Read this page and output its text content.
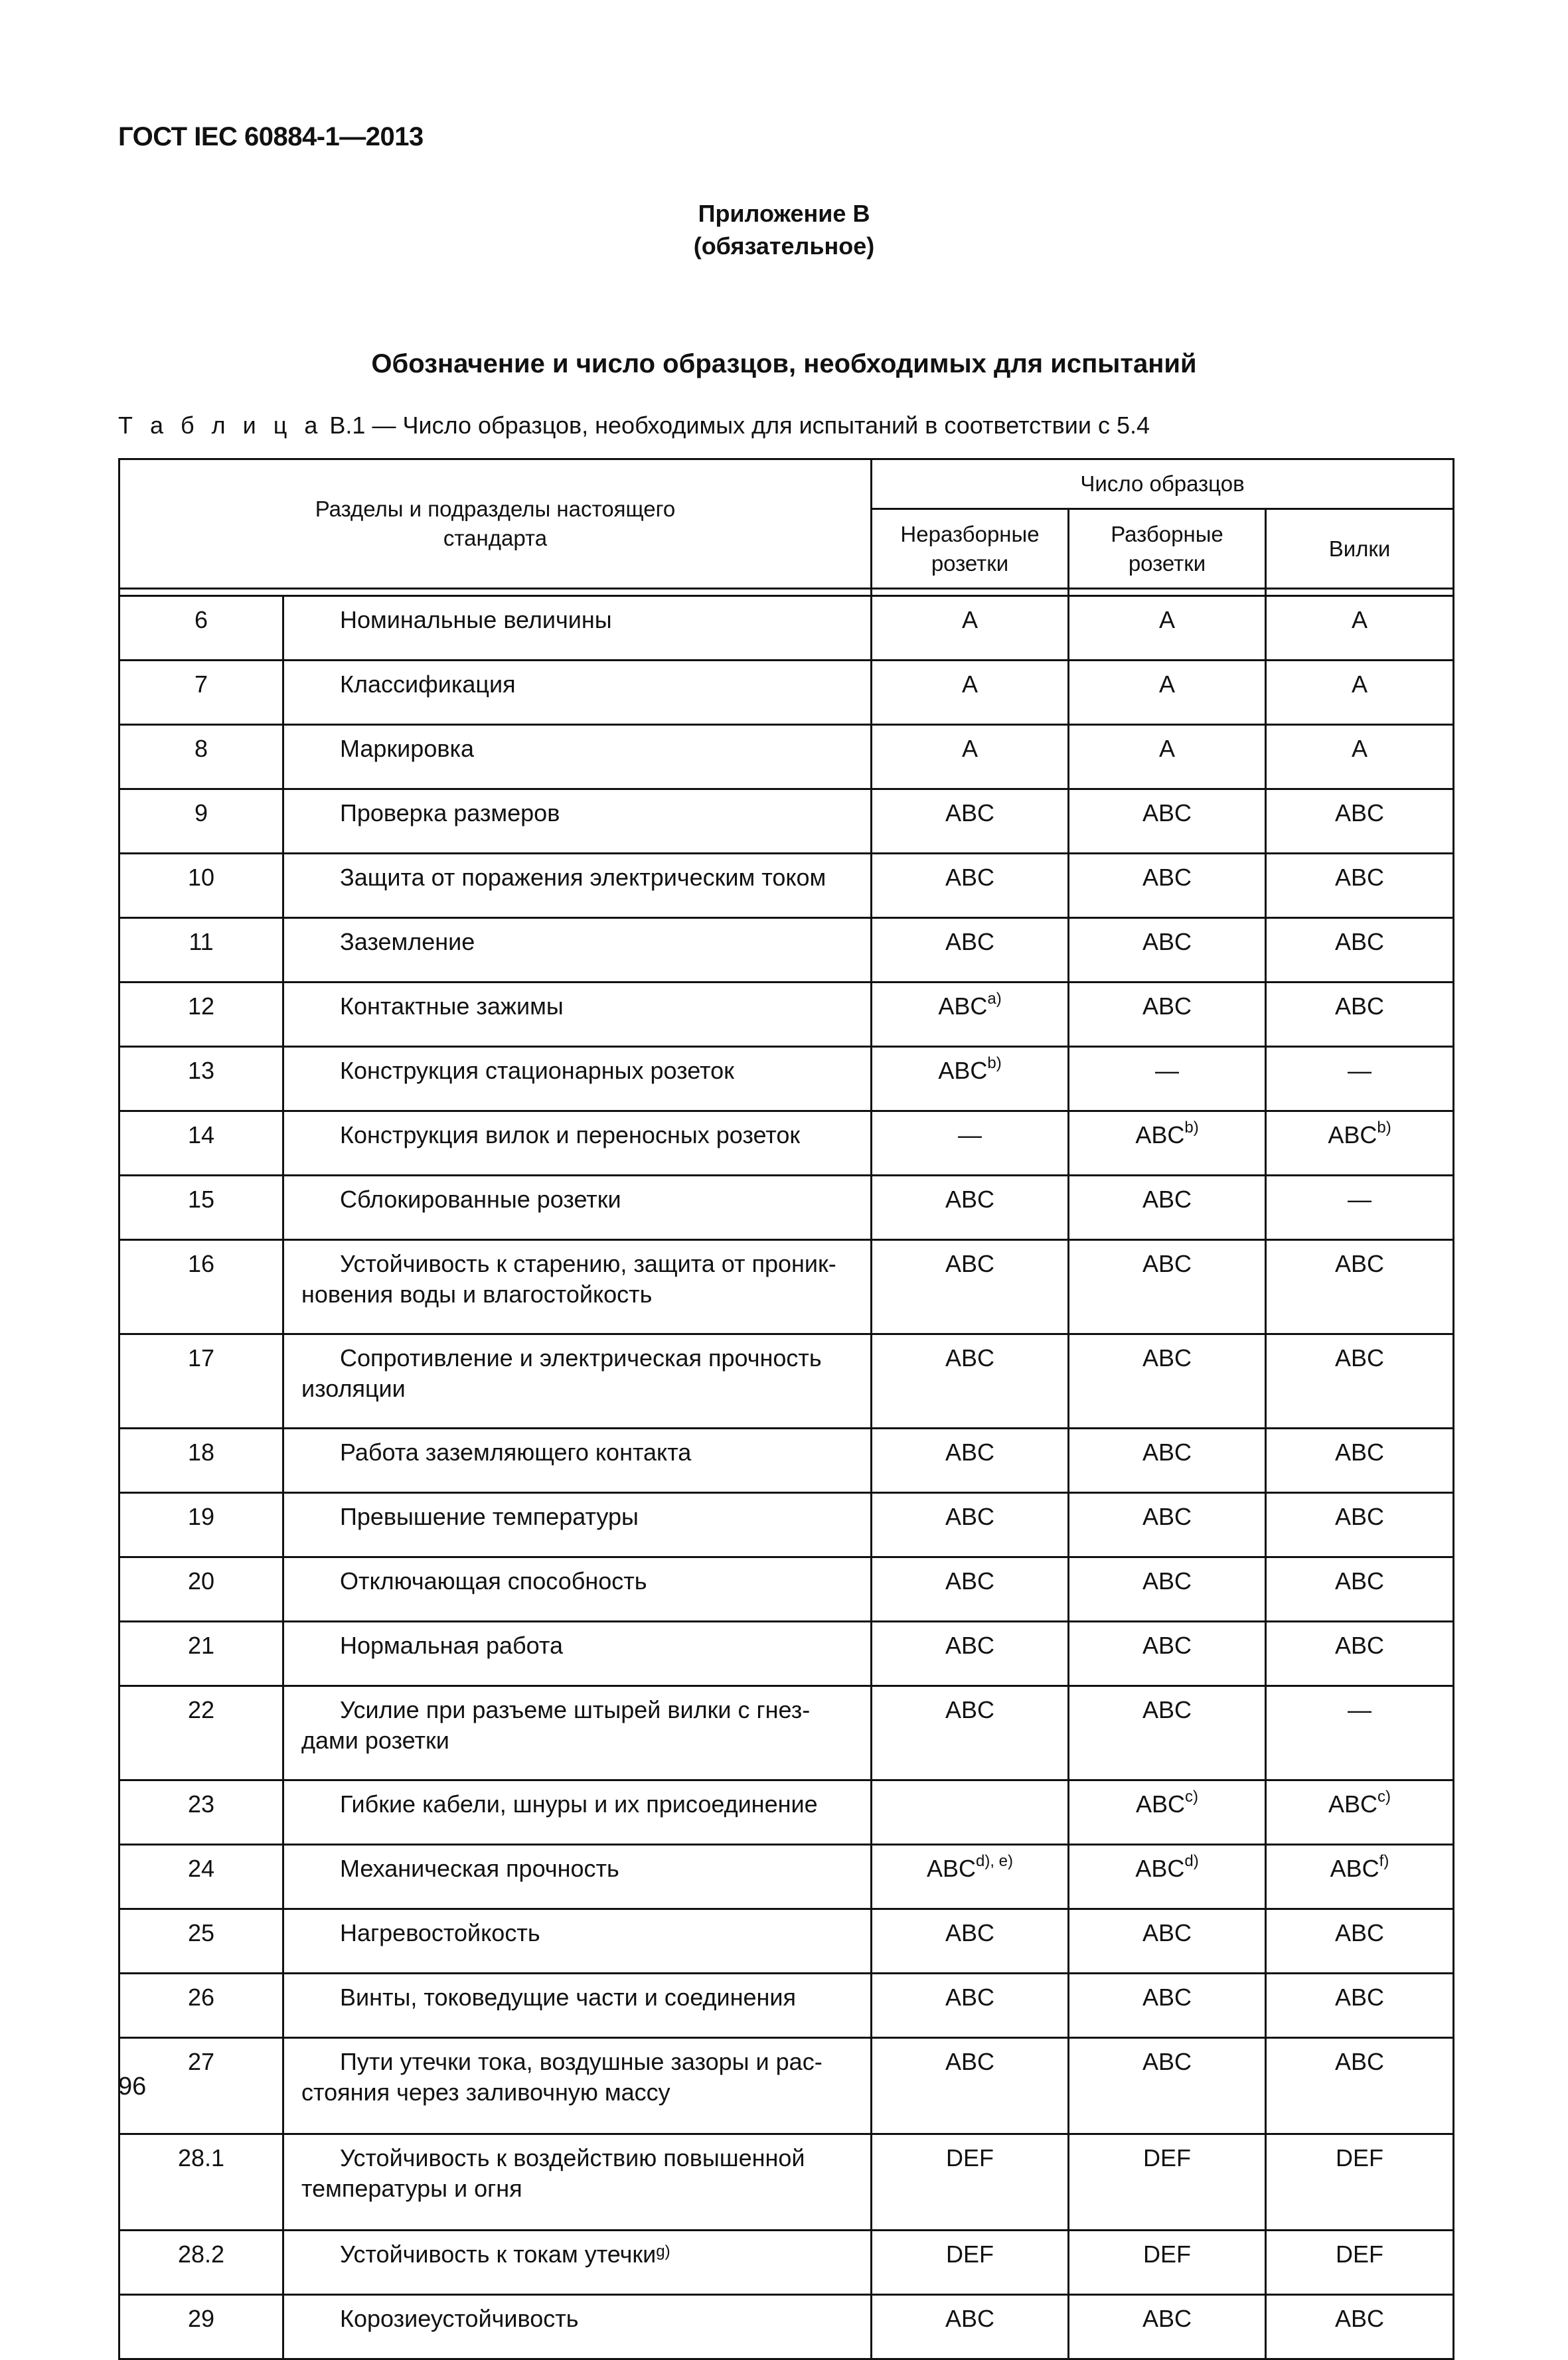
ГОСТ IEC 60884-1—2013
Приложение В
(обязательное)
Обозначение и число образцов, необходимых для испытаний
Т а б л и ц а В.1 — Число образцов, необходимых для испытаний в соответствии с 5.4
Разделы и подразделы настоящего стандарта		Число образцов		

		Неразборные розетки	Разборные розетки	Вилки

6	Номинальные величины	A	A	A
7	Классификация	A	A	A
8	Маркировка	A	A	A
9	Проверка размеров	ABC	ABC	ABC
10	Защита от поражения электрическим током	ABC	ABC	ABC
11	Заземление	ABC	ABC	ABC
12	Контактные зажимы	ABC$^{a)}$	ABC	ABC
13	Конструкция стационарных розеток	ABC$^{b)}$	—	—
14	Конструкция вилок и переносных розеток	—	ABC$^{b)}$	ABC$^{b)}$
15	Сблокированные розетки	ABC	ABC	—
16	Устойчивость к старению, защита от проник-
новения воды и влагостойкость	ABC	ABC	ABC
17	Сопротивление и электрическая прочность
изоляции	ABC	ABC	ABC
18	Работа заземляющего контакта	ABC	ABC	ABC
19	Превышение температуры	ABC	ABC	ABC
20	Отключающая способность	ABC	ABC	ABC
21	Нормальная работа	ABC	ABC	ABC
22	Усилие при разъеме штырей вилки с гнез-
дами розетки	ABC	ABC	—
23	Гибкие кабели, шнуры и их присоединение		ABC$^{c)}$	ABC$^{c)}$
24	Механическая прочность	$ABC^{d), e)}$	ABC$^{d)}$	ABC$^{f)}$
25	Нагревостойкость	ABC	ABC	ABC
26	Винты, токоведущие части и соединения	ABC	ABC	ABC
27	Пути утечки тока, воздушные зазоры и рас-
стояния через заливочную массу	ABC	ABC	ABC
28.1	Устойчивость к воздействию повышенной
температуры и огня	DEF	DEF	DEF
28.2	Устойчивость к токам утечки$^{g)}$	DEF	DEF	DEF
29	Корозиеустойчивость	ABC	ABC	ABC
96
